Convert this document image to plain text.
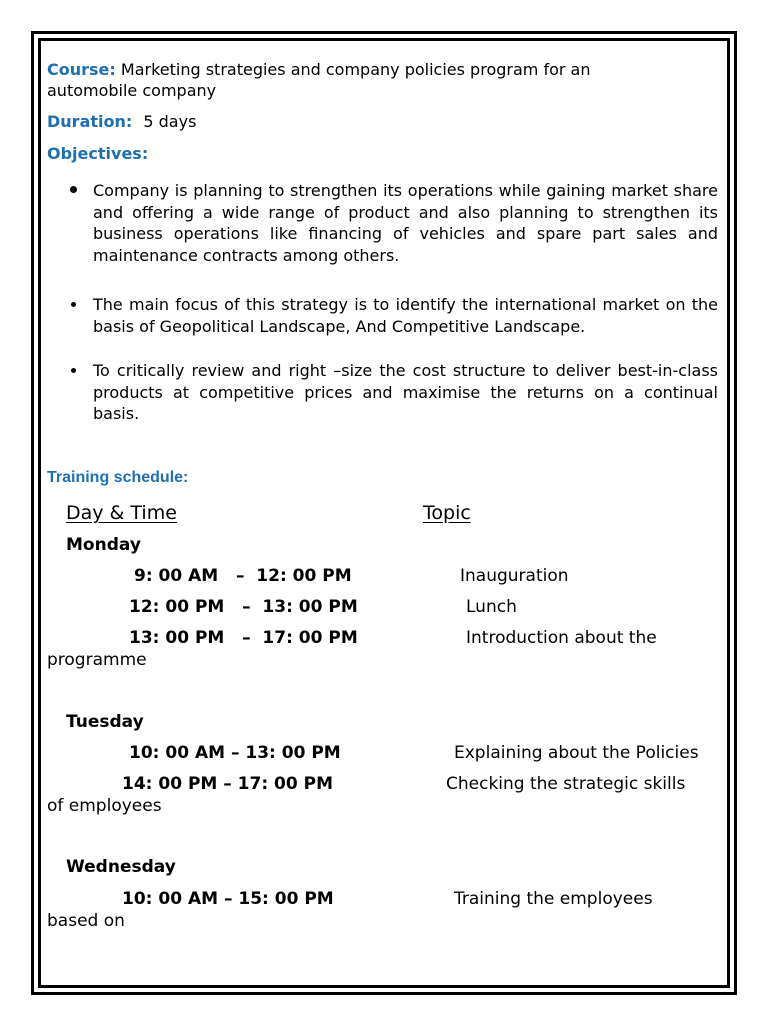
Course: Marketing strategies and company policies program for an
automobile company
Duration: 5 days
Objectives:
Company is planning to strengthen its operations while gaining market share and offering a wide range of product and also planning to strengthen its business operations like financing of vehicles and spare part sales and maintenance contracts among others.
The main focus of this strategy is to identify the international market on the basis of Geopolitical Landscape, And Competitive Landscape.
To critically review and right –size the cost structure to deliver best-in-class products at competitive prices and maximise the returns on a continual basis.
Training schedule:
Day & Time	Topic
Monday
9: 00 AM   –  12: 00 PM	Inauguration
12: 00 PM   –  13: 00 PM	Lunch
13: 00 PM   –  17: 00 PM	Introduction about the
programme
Tuesday
10: 00 AM – 13: 00 PM	Explaining about the Policies
14: 00 PM – 17: 00 PM	Checking the strategic skills
of employees
Wednesday
10: 00 AM – 15: 00 PM	Training the employees
based on
